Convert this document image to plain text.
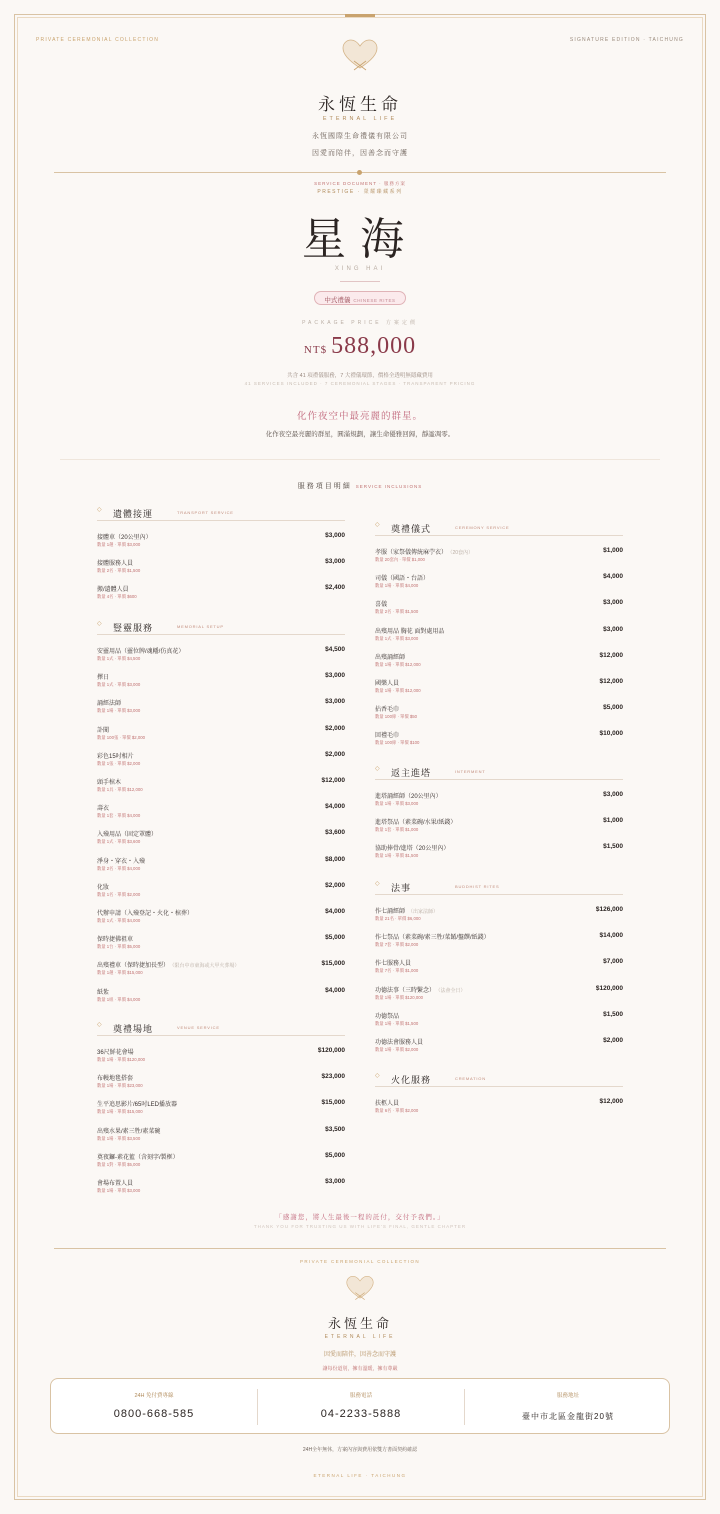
PRIVATE CEREMONIAL COLLECTION	SIGNATURE EDITION · TAICHUNG
永恆生命
ETERNAL LIFE
永恆國際生命禮儀有限公司
因愛而陪伴，因善念而守護
SERVICE DOCUMENT · 服務方案
PRESTIGE · 榮耀臻藏系列
星海
XING HAI
中式禮儀 CHINESE RITES
PACKAGE PRICE 方案定價
NT$ 588,000
共含 41 項禮儀服務，7 大禮儀環節，價格全透明無隱藏費用
41 SERVICES INCLUDED · 7 CEREMONIAL STAGES · TRANSPARENT PRICING
化作夜空中最亮麗的群星。
化作夜空最亮麗的群星，圓滿規劃，讓生命優雅回歸，靜謐凋零。
服務項目明細 SERVICE INCLUSIONS
◇ 遺體接運	TRANSPORT SERVICE
接體車（20公里內）
數量 1趟 · 單價 $3,000
$3,000
接體服務人員
數量 2名 · 單價 $1,500
$3,000
搬/遺體人員
數量 4名 · 單價 $600
$2,400
◇ 豎靈服務	MEMORIAL SETUP
安靈用品（靈位牌/魂幡/仿真花）
數量 1式 · 單價 $4,500
$4,500
擇日
數量 1式 · 單價 $3,000
$3,000
誦經法師
數量 1場 · 單價 $3,000
$3,000
訃聞
數量 100張 · 單價 $2,000
$2,000
彩色15吋相片
數量 1張 · 單價 $2,000
$2,000
頭手棺木
數量 1具 · 單價 $12,000
$12,000
壽衣
數量 1套 · 單價 $4,000
$4,000
入殮用品（固定罩體）
數量 1式 · 單價 $3,600
$3,600
淨身・穿衣・入殮
數量 2名 · 單價 $4,000
$8,000
化妝
數量 1名 · 單價 $2,000
$2,000
代辦申請（入殮登記・火化・棺葬）
數量 1式 · 單價 $4,000
$4,000
保時捷佛祖車
數量 1台 · 單價 $5,000
$5,000
出殯禮車（保時捷加長型） （限台中市東海或大甲火葬場）
數量 1趟 · 單價 $15,000
$15,000
紙紮
數量 1組 · 單價 $4,000
$4,000
◇ 奠禮場地	VENUE SERVICE
36尺鮮花會場
數量 1場 · 單價 $120,000
$120,000
布幔地毯搭套
數量 1場 · 單價 $23,000
$23,000
生平追思影片/65吋LED播放器
數量 1場 · 單價 $15,000
$15,000
出殯水果/素三牲/素菜碗
數量 1場 · 單價 $3,500
$3,500
奠夜鑼-素花籃（含刻字/製框）
數量 1對 · 單價 $5,000
$5,000
會場布置人員
數量 1場 · 單價 $3,000
$3,000
◇ 奠禮儀式	CEREMONY SERVICE
孝服（家祭儀傳統麻苧衣） （20套內）
數量 20套內 · 單價 $1,000
$1,000
司儀（國語・台語）
數量 1場 · 單價 $4,000
$4,000
喜儀
數量 2名 · 單價 $1,500
$3,000
出殯用品 胸花 面對處用品
數量 1式 · 單價 $3,000
$3,000
出殯誦經師
數量 1場 · 單價 $12,000
$12,000
國樂人員
數量 1場 · 單價 $12,000
$12,000
拈香毛巾
數量 100條 · 單價 $50
$5,000
回禮毛巾
數量 100條 · 單價 $100
$10,000
◇ 返主進塔	INTERMENT
進塔誦經師（20公里內）
數量 1場 · 單價 $3,000
$3,000
進塔祭品（素菜碗/水果/紙錢）
數量 1套 · 單價 $1,000
$1,000
協助捧骨/進塔（20公里內）
數量 1場 · 單價 $1,500
$1,500
◇ 法事	BUDDHIST RITES
作七誦經師 （出家法師）
數量 21名 · 單價 $6,000
$126,000
作七祭品（素菜碗/素三牲/菜餚/盤饌/紙錢）
數量 7套 · 單價 $2,000
$14,000
作七服務人員
數量 7名 · 單價 $1,000
$7,000
功德法事（三時繫念） （法會全日）
數量 1場 · 單價 $120,000
$120,000
功德祭品
數量 1場 · 單價 $1,500
$1,500
功德法會服務人員
數量 1場 · 單價 $2,000
$2,000
◇ 火化服務	CREMATION
扶柩人員
數量 6名 · 單價 $2,000
$12,000
「感謝您，將人生最後一程的託付，交付予我們。」
THANK YOU FOR TRUSTING US WITH LIFE'S FINAL, GENTLE CHAPTER
PRIVATE CEREMONIAL COLLECTION
永恆生命
ETERNAL LIFE
因愛而陪伴，因善念而守護
讓每份道別，擁有溫暖，擁有尊嚴
24H 免付費專線
0800-668-585
服務電話
04-2233-5888
服務地址
臺中市北區金龍街20號
24H全年無休，方案內容與費用依雙方書面契約確認
ETERNAL LIFE · TAICHUNG
